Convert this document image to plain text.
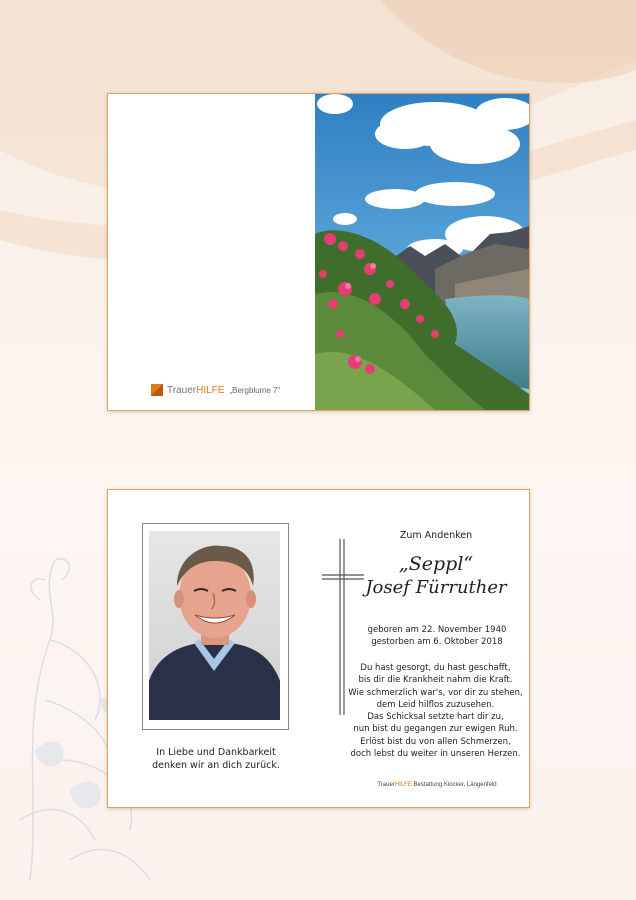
Trauer HILFE „Bergblume 7“
In Liebe und Dankbarkeit
denken wir an dich zurück.
Zum Andenken
„Seppl“
Josef Fürruther
geboren am 22. November 1940
gestorben am 6. Oktober 2018
Du hast gesorgt, du hast geschafft,
bis dir die Krankheit nahm die Kraft.
Wie schmerzlich war's, vor dir zu stehen,
dem Leid hilflos zuzusehen.
Das Schicksal setzte hart dir zu,
nun bist du gegangen zur ewigen Ruh.
Erlöst bist du von allen Schmerzen,
doch lebst du weiter in unseren Herzen.
TrauerHILFE Bestattung Klocker, Längenfeld
